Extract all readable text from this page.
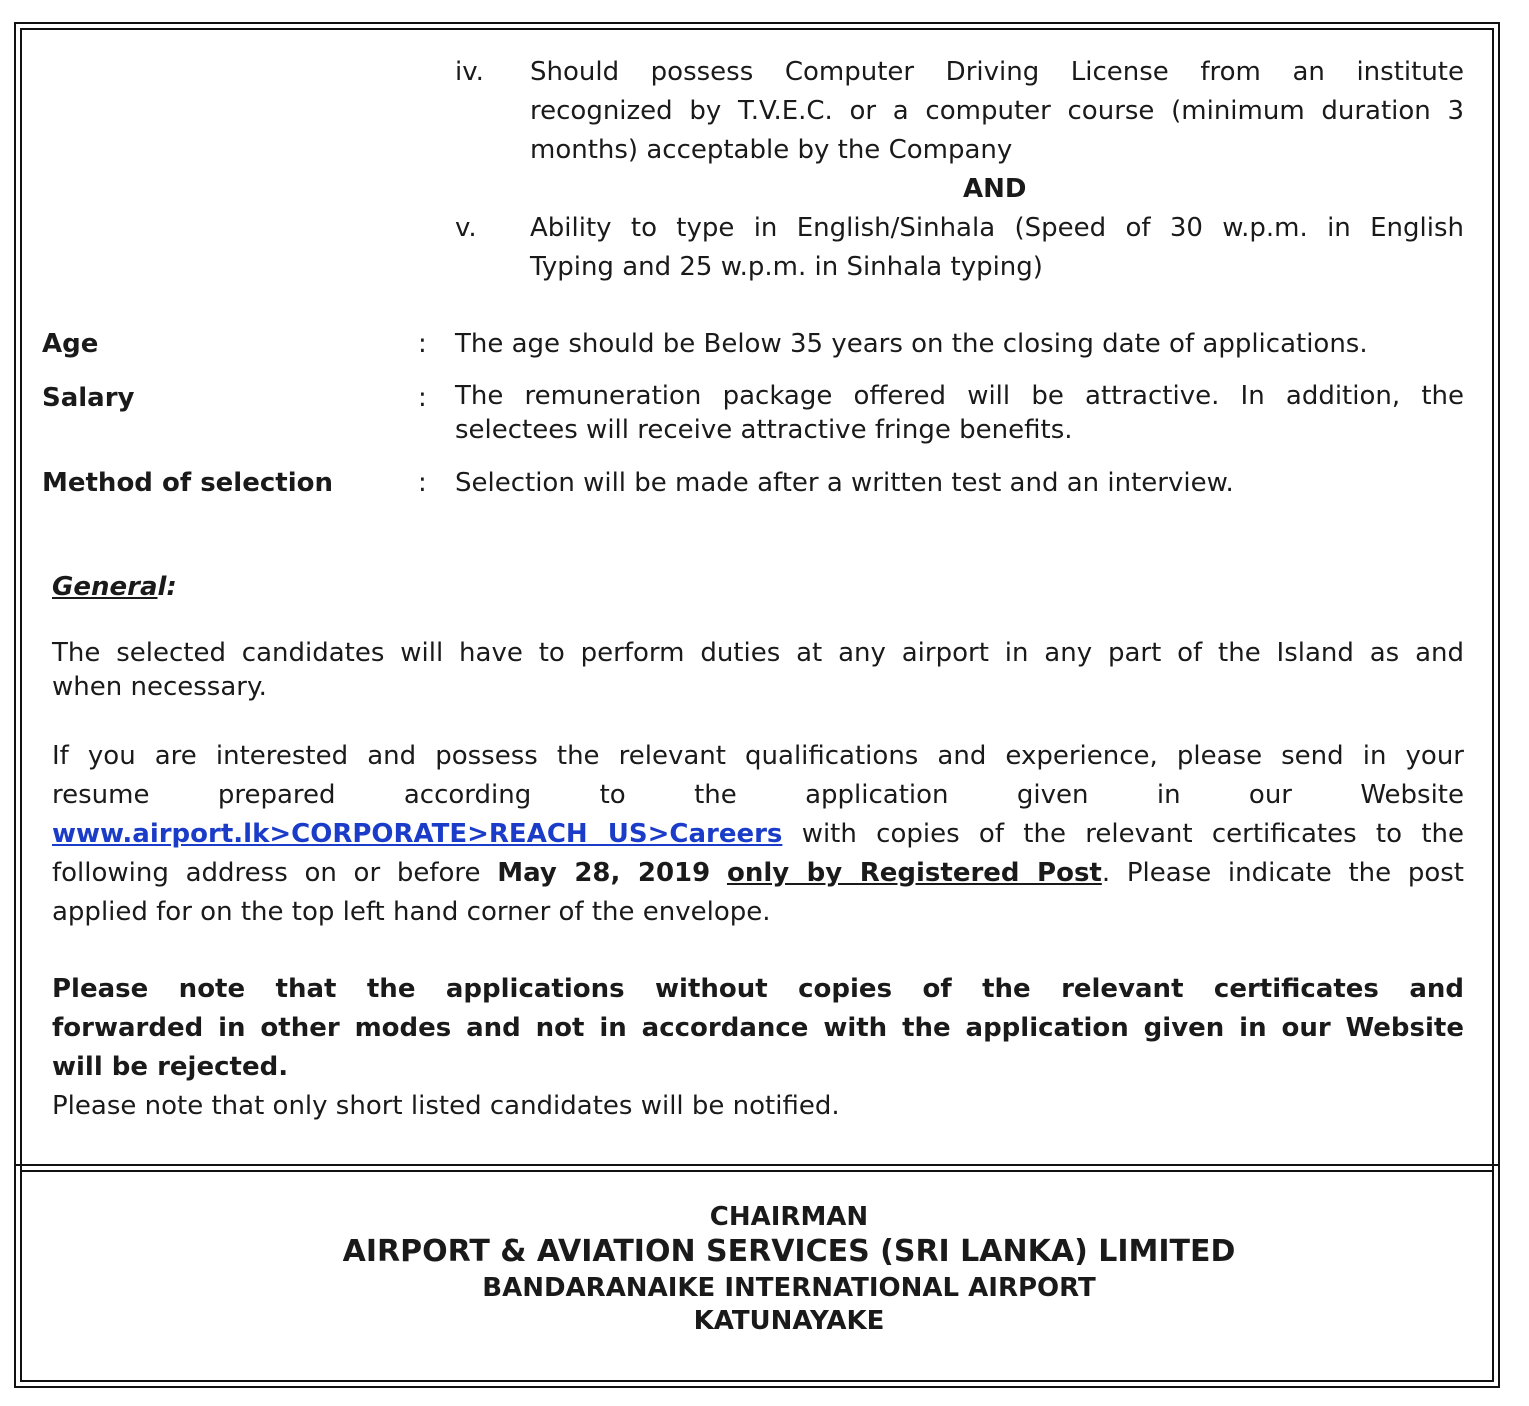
iv. Should possess Computer Driving License from an institute
recognized by T.V.E.C. or a computer course (minimum duration 3
months) acceptable by the Company
AND
v. Ability to type in English/Sinhala (Speed of 30 w.p.m. in English
Typing and 25 w.p.m. in Sinhala typing)
Age	: The age should be Below 35 years on the closing date of applications.
Salary	: The remuneration package offered will be attractive. In addition, the
selectees will receive attractive fringe benefits.
Method of selection	: Selection will be made after a written test and an interview.
General:
The selected candidates will have to perform duties at any airport in any part of the Island as and
when necessary.
If you are interested and possess the relevant qualifications and experience, please send in your
resume prepared according to the application given in our Website
www.airport.lk>CORPORATE>REACH US>Careers with copies of the relevant certificates to the
following address on or before May 28, 2019 only by Registered Post. Please indicate the post
applied for on the top left hand corner of the envelope.
Please note that the applications without copies of the relevant certificates and
forwarded in other modes and not in accordance with the application given in our Website
will be rejected.
Please note that only short listed candidates will be notified.
CHAIRMAN
AIRPORT & AVIATION SERVICES (SRI LANKA) LIMITED
BANDARANAIKE INTERNATIONAL AIRPORT
KATUNAYAKE
